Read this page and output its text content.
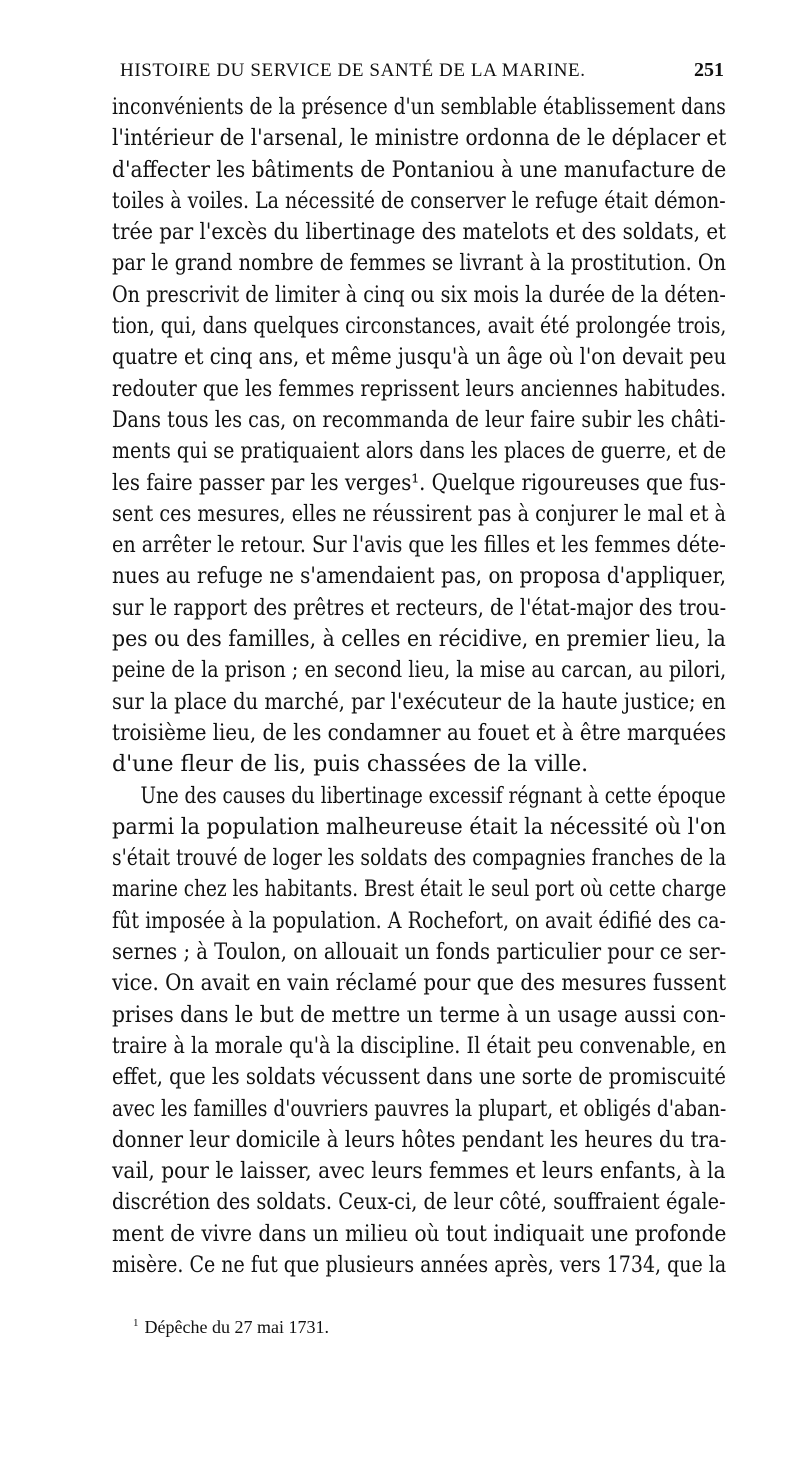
HISTOIRE DU SERVICE DE SANTÉ DE LA MARINE.	251
inconvénients de la présence d'un semblable établissement dans
l'intérieur de l'arsenal, le ministre ordonna de le déplacer et
d'affecter les bâtiments de Pontaniou à une manufacture de
toiles à voiles. La nécessité de conserver le refuge était démon-
trée par l'excès du libertinage des matelots et des soldats, et
par le grand nombre de femmes se livrant à la prostitution. On
On prescrivit de limiter à cinq ou six mois la durée de la déten-
tion, qui, dans quelques circonstances, avait été prolongée trois,
quatre et cinq ans, et même jusqu'à un âge où l'on devait peu
redouter que les femmes reprissent leurs anciennes habitudes.
Dans tous les cas, on recommanda de leur faire subir les châti-
ments qui se pratiquaient alors dans les places de guerre, et de
les faire passer par les verges¹. Quelque rigoureuses que fus-
sent ces mesures, elles ne réussirent pas à conjurer le mal et à
en arrêter le retour. Sur l'avis que les filles et les femmes déte-
nues au refuge ne s'amendaient pas, on proposa d'appliquer,
sur le rapport des prêtres et recteurs, de l'état-major des trou-
pes ou des familles, à celles en récidive, en premier lieu, la
peine de la prison ; en second lieu, la mise au carcan, au pilori,
sur la place du marché, par l'exécuteur de la haute justice; en
troisième lieu, de les condamner au fouet et à être marquées
d'une fleur de lis, puis chassées de la ville.
Une des causes du libertinage excessif régnant à cette époque
parmi la population malheureuse était la nécessité où l'on
s'était trouvé de loger les soldats des compagnies franches de la
marine chez les habitants. Brest était le seul port où cette charge
fût imposée à la population. A Rochefort, on avait édifié des ca-
sernes ; à Toulon, on allouait un fonds particulier pour ce ser-
vice. On avait en vain réclamé pour que des mesures fussent
prises dans le but de mettre un terme à un usage aussi con-
traire à la morale qu'à la discipline. Il était peu convenable, en
effet, que les soldats vécussent dans une sorte de promiscuité
avec les familles d'ouvriers pauvres la plupart, et obligés d'aban-
donner leur domicile à leurs hôtes pendant les heures du tra-
vail, pour le laisser, avec leurs femmes et leurs enfants, à la
discrétion des soldats. Ceux-ci, de leur côté, souffraient égale-
ment de vivre dans un milieu où tout indiquait une profonde
misère. Ce ne fut que plusieurs années après, vers 1734, que la
$^1$ Dépêche du 27 mai 1731.
